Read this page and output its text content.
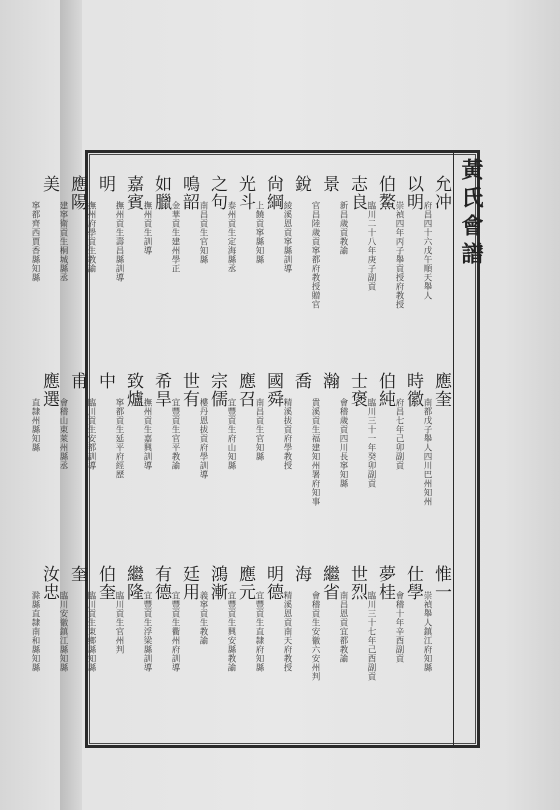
黃氏會譜
允冲
府昌四十六戊午順天舉人
以明
崇禎四年丙子舉貢授府教授
伯鰲
臨川二十八年庚子副貢
志良
新昌歲貢教諭
景
官昌陸歲貢寧都府教授贈官
銳
綾溪恩貢寧縣訓導
尙綱
上饒貢寧縣知縣
光斗
泰州貢生定海縣丞
之句
南昌貢生官知縣
鳴韶
金華貢生建州學正
如臘
撫州貢生訓導
嘉賓
撫州貢生壽昌縣訓導
明
撫州府學貢生教諭
應陽
建寧衛貢生桐城縣丞
美
寧都齊西賈香縣知縣
應奎
南都戊子舉人四川巴州知州
時徽
府昌七年己卯副貢
伯純
臨川三十一年癸卯副貢
士褒
會稽歲貢四川長寧知縣
瀚
貴溪貢生福建知州署府知事
喬
精溪拔貢府學教授
國舜
南昌貢生官知縣
應召
宜豐貢生府山知縣
宗儒
樓丹恩拔貢府學訓導
世有
宜豐貢生官平教諭
希旱
撫州貢生嘉興訓導
致爐
寧都貢生延平府經歷
中
臨川貢生安都訓導
甫
會稽山東萊州縣丞
應選
直隸州縣知縣
惟一
崇禎舉人鎮江府知縣
仕學
會稽十年辛酉副貢
夢桂
臨川三十七年己酉副貢
世烈
南昌恩貢宜都教諭
繼省
會稽貢生安徽六安州判
海
精溪恩貢南天府教授
明德
宜豐貢生直隸府知縣
應元
宜豐貢生興安縣教諭
鴻漸
義寧貢生教諭
廷用
宜豐貢生衢州府訓導
有德
宜豐貢生浮梁縣訓導
繼隆
臨川貢生官州判
伯奎
臨川貢生東鄉縣知縣
奎
臨川安徽鎮江縣知縣
汝忠
滁縣直隸南和縣知縣
